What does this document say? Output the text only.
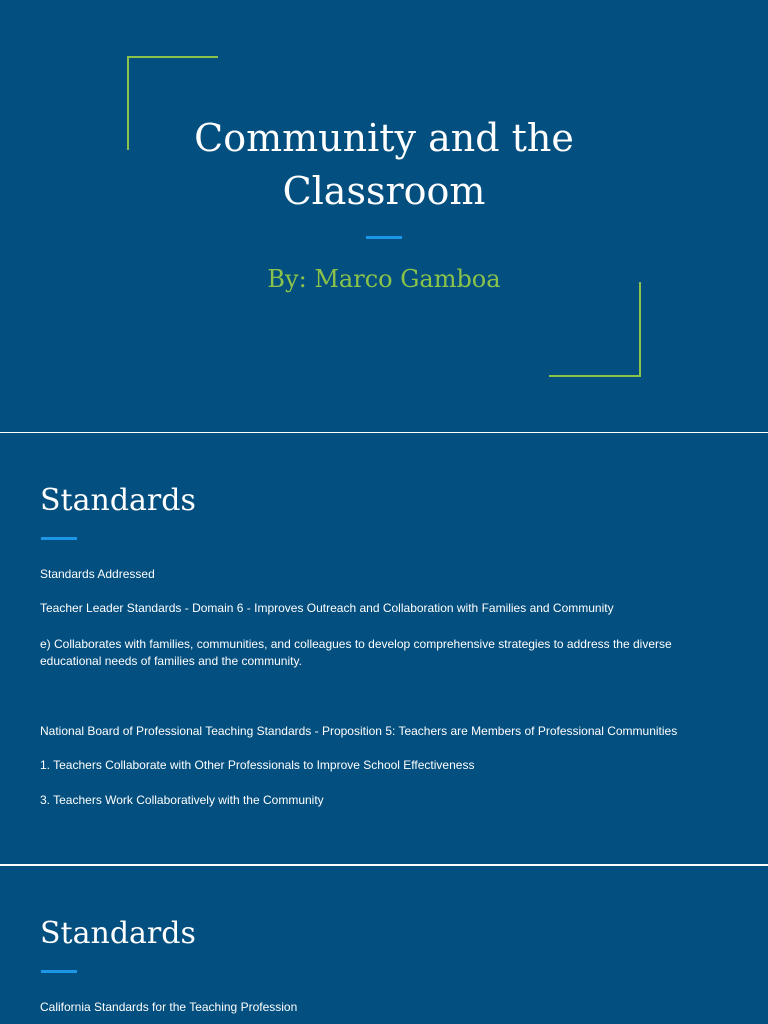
Community and the
Classroom

By: Marco Gamboa

Standards

Standards Addressed

Teacher Leader Standards - Domain 6 - Improves Outreach and Collaboration with Families and Community

e) Collaborates with families, communities, and colleagues to develop comprehensive strategies to address the diverse educational needs of families and the community.

National Board of Professional Teaching Standards - Proposition 5: Teachers are Members of Professional Communities

1. Teachers Collaborate with Other Professionals to Improve School Effectiveness

3. Teachers Work Collaboratively with the Community

Standards

California Standards for the Teaching Profession
